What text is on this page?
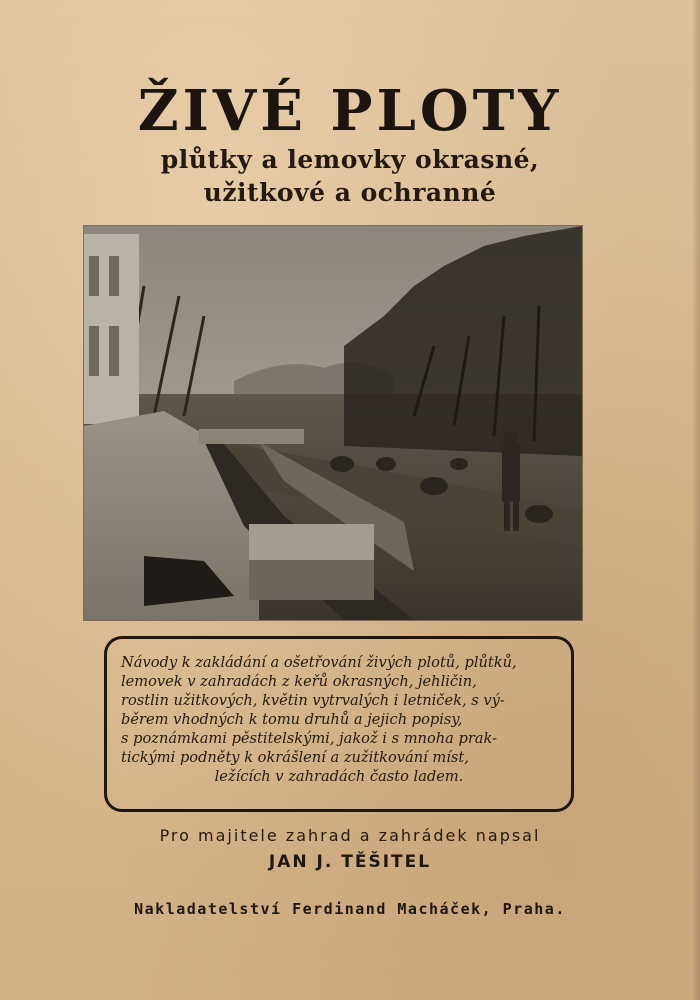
ŽIVÉ PLOTY
plůtky a lemovky okrasné,
užitkové a ochranné

Návody k zakládání a ošetřování živých plotů, plůtků,

lemovek v zahradách z keřů okrasných, jehličin,

rostlin užitkových, květin vytrvalých i letniček, s vý-

běrem vhodných k tomu druhů a jejich popisy,

s poznámkami pěstitelskými, jakož i s mnoha prak-

tickými podněty k okrášlení a zužitkování míst,

ležících v zahradách často ladem.

Pro majitele zahrad a zahrádek napsal

JAN J. TĚŠITEL

Nakladatelství Ferdinand Macháček, Praha.
